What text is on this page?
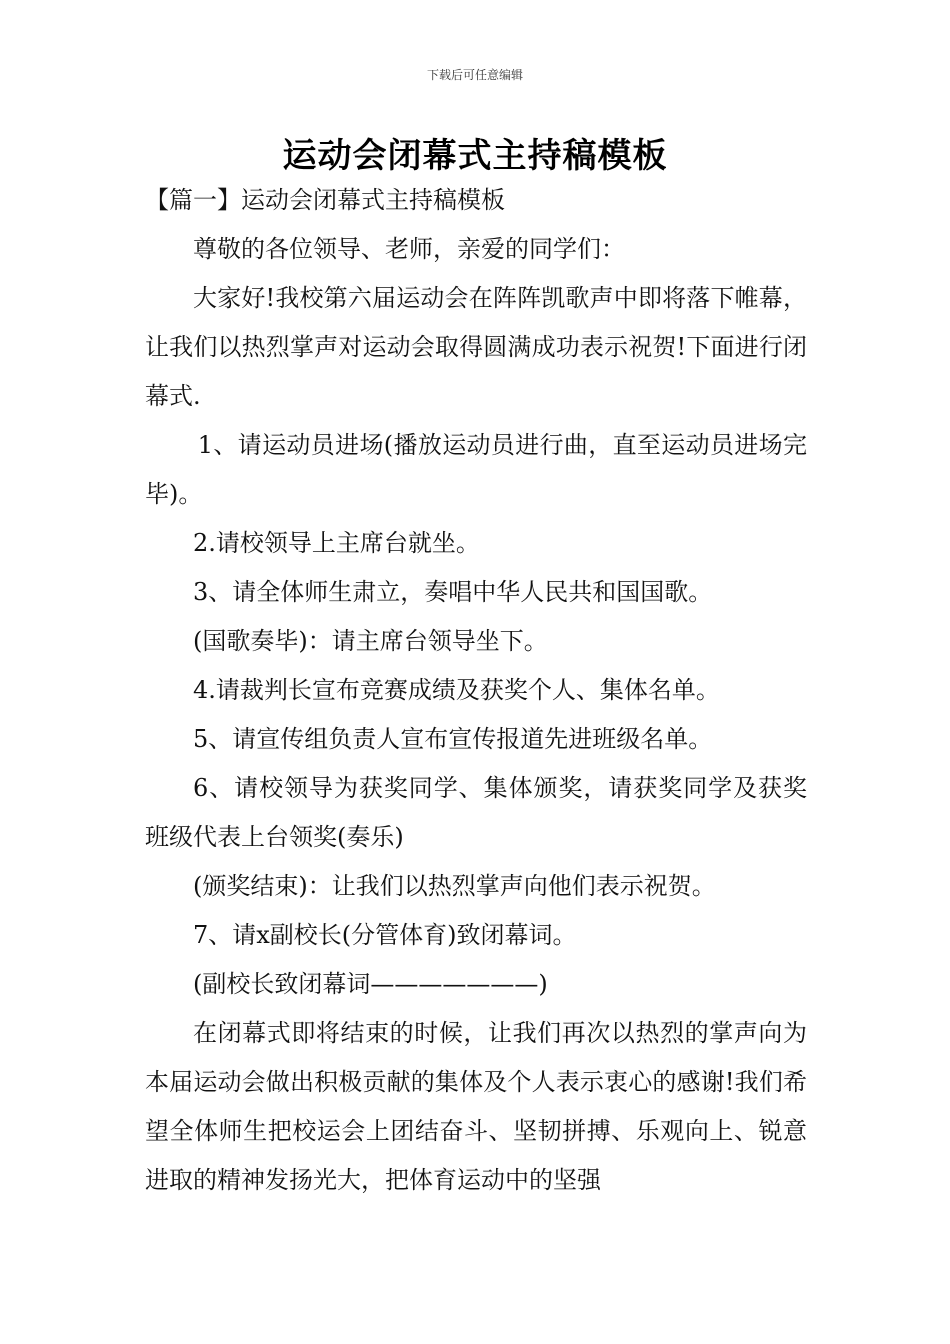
下载后可任意编辑
运动会闭幕式主持稿模板

【篇一】运动会闭幕式主持稿模板

尊敬的各位领导、老师，亲爱的同学们：

大家好!我校第六届运动会在阵阵凯歌声中即将落下帷幕，让我们以热烈掌声对运动会取得圆满成功表示祝贺!下面进行闭幕式.

1、请运动员进场(播放运动员进行曲，直至运动员进场完毕)。

2.请校领导上主席台就坐。

3、请全体师生肃立，奏唱中华人民共和国国歌。

(国歌奏毕)：请主席台领导坐下。

4.请裁判长宣布竞赛成绩及获奖个人、集体名单。

5、请宣传组负责人宣布宣传报道先进班级名单。

6、请校领导为获奖同学、集体颁奖，请获奖同学及获奖班级代表上台领奖(奏乐)

(颁奖结束)：让我们以热烈掌声向他们表示祝贺。

7、请x副校长(分管体育)致闭幕词。

(副校长致闭幕词———————)

在闭幕式即将结束的时候，让我们再次以热烈的掌声向为本届运动会做出积极贡献的集体及个人表示衷心的感谢!我们希望全体师生把校运会上团结奋斗、坚韧拼搏、乐观向上、锐意进取的精神发扬光大，把体育运动中的坚强
